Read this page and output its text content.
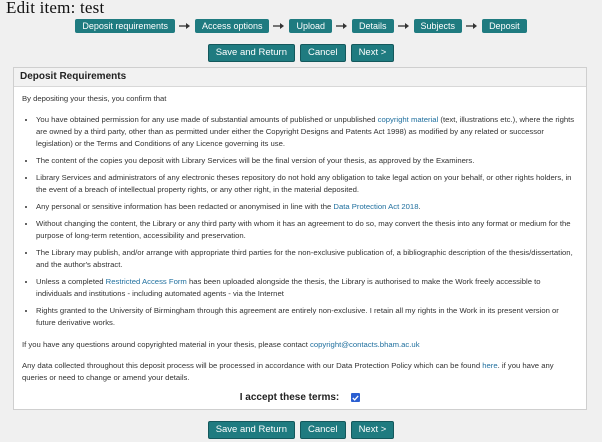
Edit item: test
Deposit requirements	Access options	Upload	Details	Subjects	Deposit
Save and Return	Cancel	Next >
Deposit Requirements

By depositing your thesis, you confirm that

• You have obtained permission for any use made of substantial amounts of published or unpublished copyright material (text, illustrations etc.), where the rights are owned by a third party, other than as permitted under either the Copyright Designs and Patents Act 1998) as modified by any related or successor legislation) or the Terms and Conditions of any Licence governing its use.
• The content of the copies you deposit with Library Services will be the final version of your thesis, as approved by the Examiners.
• Library Services and administrators of any electronic theses repository do not hold any obligation to take legal action on your behalf, or other rights holders, in the event of a breach of intellectual property rights, or any other right, in the material deposited.
• Any personal or sensitive information has been redacted or anonymised in line with the Data Protection Act 2018.
• Without changing the content, the Library or any third party with whom it has an agreement to do so, may convert the thesis into any format or medium for the purpose of long-term retention, accessibility and preservation.
• The Library may publish, and/or arrange with appropriate third parties for the non-exclusive publication of, a bibliographic description of the thesis/dissertation, and the author's abstract.
• Unless a completed Restricted Access Form has been uploaded alongside the thesis, the Library is authorised to make the Work freely accessible to individuals and institutions - including automated agents - via the Internet
• Rights granted to the University of Birmingham through this agreement are entirely non-exclusive. I retain all my rights in the Work in its present version or future derivative works.

If you have any questions around copyrighted material in your thesis, please contact copyright@contacts.bham.ac.uk

Any data collected throughout this deposit process will be processed in accordance with our Data Protection Policy which can be found here. if you have any queries or need to change or amend your details.

I accept these terms:
Save and Return	Cancel	Next >
